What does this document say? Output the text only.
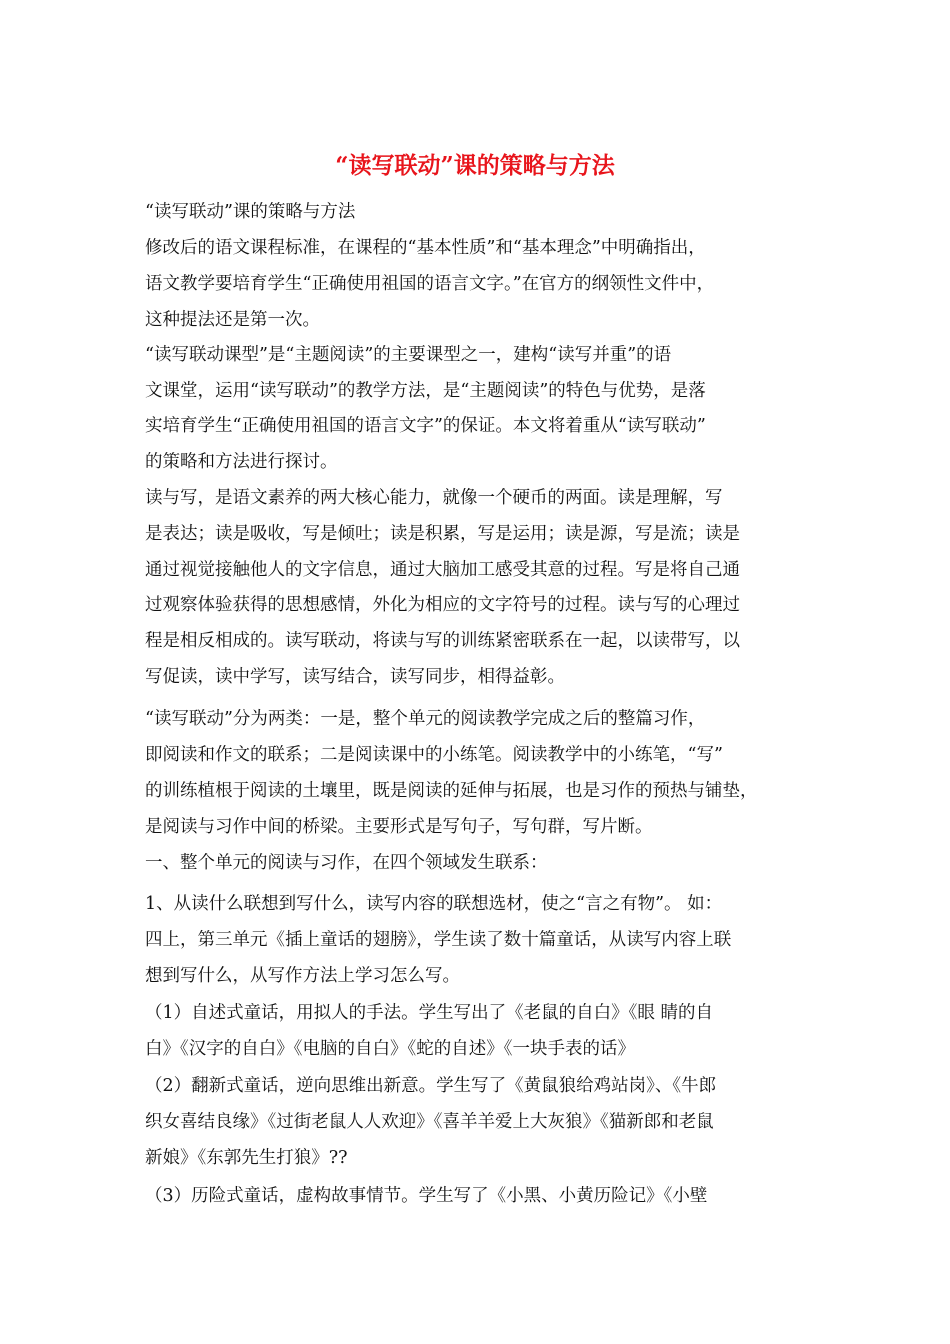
“读写联动”课的策略与方法
“读写联动”课的策略与方法
修改后的语文课程标准，在课程的“基本性质”和“基本理念”中明确指出，
语文教学要培育学生“正确使用祖国的语言文字。”在官方的纲领性文件中，
这种提法还是第一次。
“读写联动课型”是“主题阅读”的主要课型之一，建构“读写并重”的语
文课堂，运用“读写联动”的教学方法，是“主题阅读”的特色与优势，是落
实培育学生“正确使用祖国的语言文字”的保证。本文将着重从“读写联动”
的策略和方法进行探讨。
读与写，是语文素养的两大核心能力，就像一个硬币的两面。读是理解，写
是表达；读是吸收，写是倾吐；读是积累，写是运用；读是源，写是流；读是
通过视觉接触他人的文字信息，通过大脑加工感受其意的过程。写是将自己通
过观察体验获得的思想感情，外化为相应的文字符号的过程。读与写的心理过
程是相反相成的。读写联动，将读与写的训练紧密联系在一起，以读带写，以
写促读，读中学写，读写结合，读写同步，相得益彰。
“读写联动”分为两类：一是，整个单元的阅读教学完成之后的整篇习作，
即阅读和作文的联系；二是阅读课中的小练笔。阅读教学中的小练笔，“写”
的训练植根于阅读的土壤里，既是阅读的延伸与拓展，也是习作的预热与铺垫，
是阅读与习作中间的桥梁。主要形式是写句子，写句群，写片断。
一、整个单元的阅读与习作，在四个领域发生联系：
1、从读什么联想到写什么，读写内容的联想选材，使之“言之有物”。 如：
四上，第三单元《插上童话的翅膀》，学生读了数十篇童话，从读写内容上联
想到写什么，从写作方法上学习怎么写。
（1）自述式童话，用拟人的手法。学生写出了《老鼠的自白》《眼 睛的自
白》《汉字的自白》《电脑的自白》《蛇的自述》《一块手表的话》
（2）翻新式童话，逆向思维出新意。学生写了《黄鼠狼给鸡站岗》、《牛郎
织女喜结良缘》《过街老鼠人人欢迎》《喜羊羊爱上大灰狼》《猫新郎和老鼠
新娘》《东郭先生打狼》??
（3）历险式童话，虚构故事情节。学生写了《小黑、小黄历险记》《小壁
